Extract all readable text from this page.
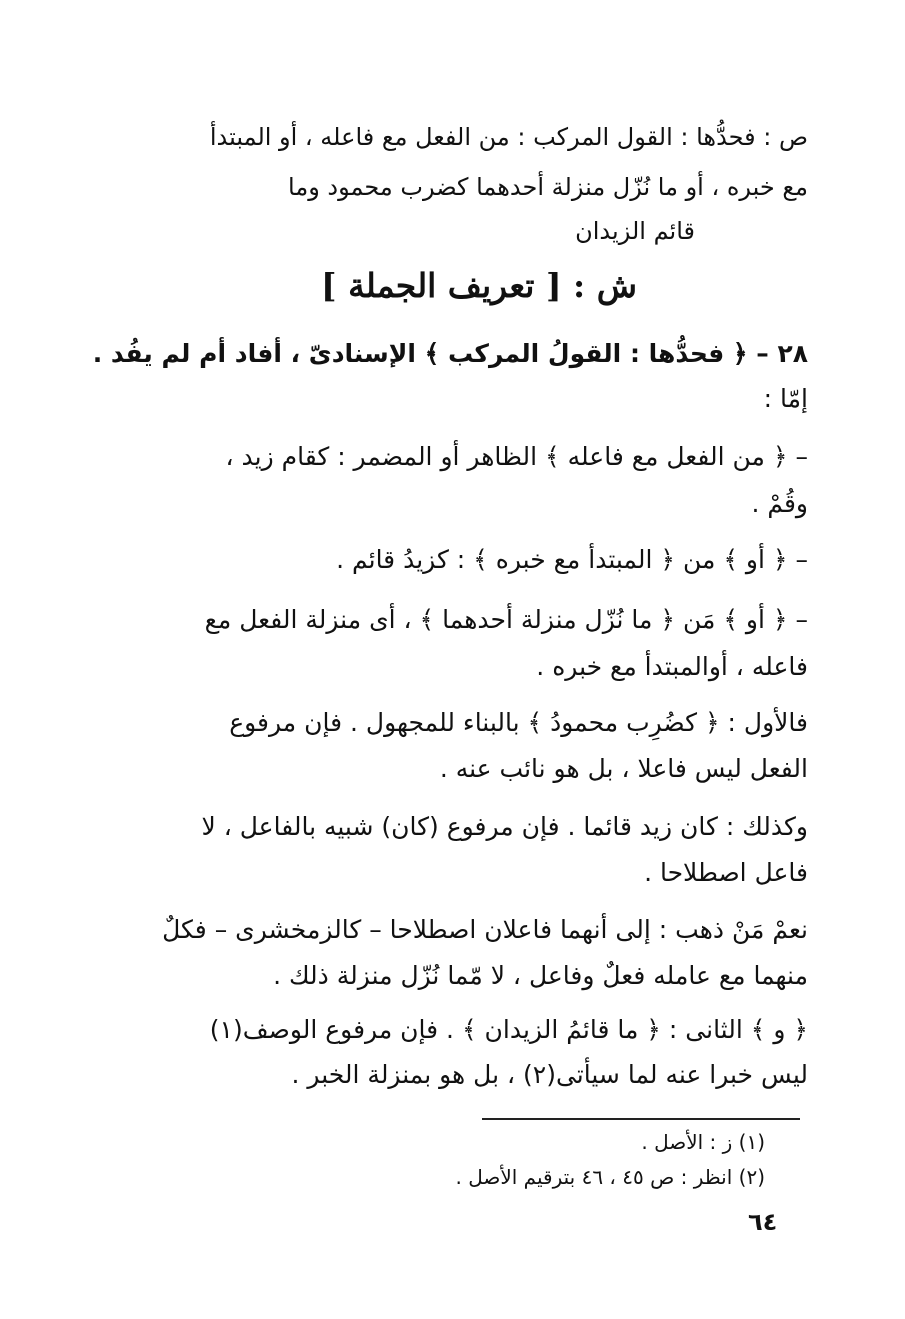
ص : فحدُّها : القول المركب : من الفعل مع فاعله ، أو المبتدأ
مع خبره ، أو ما نُزّل منزلة أحدهما كضرب محمود وما
قائم الزيدان
ش : [ تعريف الجملة ]
٢٨ – ﴿ فحدُّها : القولُ المركب ﴾ الإسنادىّ ، أفاد أم لم يفُد .
إمّا :
– ﴿ من الفعل مع فاعله ﴾ الظاهر أو المضمر : كقام زيد ،
وقُمْ .
– ﴿ أو ﴾ من ﴿ المبتدأ مع خبره ﴾ : كزيدُ قائم .
– ﴿ أو ﴾ مَن ﴿ ما نُزّل منزلة أحدهما ﴾ ، أى منزلة الفعل مع
فاعله ، أوالمبتدأ مع خبره .
فالأول : ﴿ كضُرِب محمودُ ﴾ بالبناء للمجهول . فإن مرفوع
الفعل ليس فاعلا ، بل هو نائب عنه .
وكذلك : كان زيد قائما . فإن مرفوع (كان) شبيه بالفاعل ، لا
فاعل اصطلاحا .
نعمْ مَنْ ذهب : إلى أنهما فاعلان اصطلاحا – كالزمخشرى – فكلٌ
منهما مع عامله فعلٌ وفاعل ، لا مّما نُزّل منزلة ذلك .
﴿ و ﴾ الثانى : ﴿ ما قائمُ الزيدان ﴾ . فإن مرفوع الوصف(١)
ليس خبرا عنه لما سيأتى(٢) ، بل هو بمنزلة الخبر .
(١) ز : الأصل .
(٢) انظر : ص ٤٥ ، ٤٦ بترقيم الأصل .
٦٤
